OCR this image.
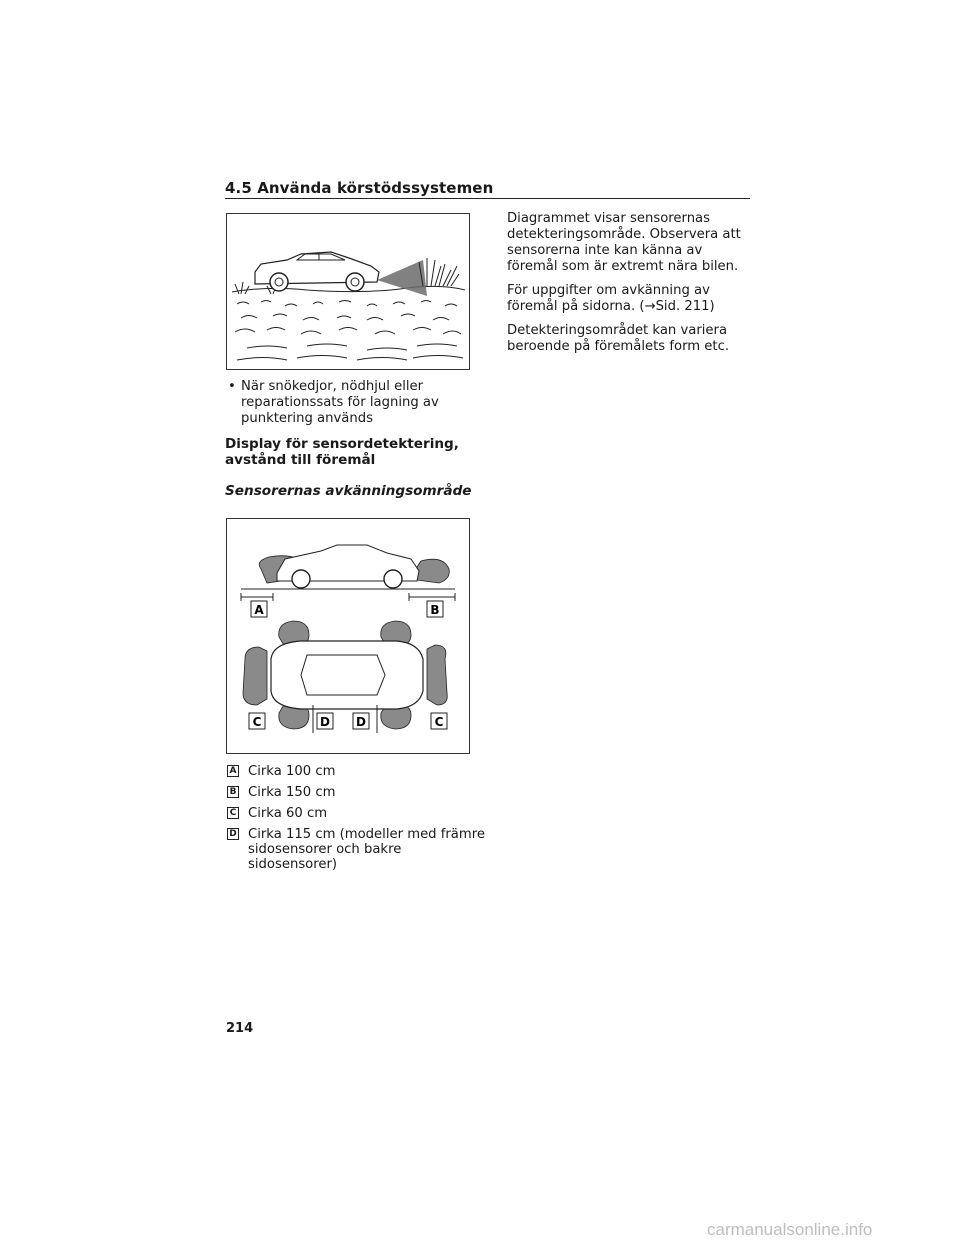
4.5 Använda körstödssystemen
• När snökedjor, nödhjul eller reparationssats för lagning av punktering används
Display för sensordetektering, avstånd till föremål
Sensorernas avkänningsområde
A	B
C	D D	C
A Cirka 100 cm
B Cirka 150 cm
C Cirka 60 cm
D Cirka 115 cm (modeller med främre sidosensorer och bakre sidosensorer)

Diagrammet visar sensorernas detekteringsområde. Observera att sensorerna inte kan känna av föremål som är extremt nära bilen.

För uppgifter om avkänning av föremål på sidorna. (→Sid. 211)

Detekteringsområdet kan variera beroende på föremålets form etc.

214
carmanualsonline.info
